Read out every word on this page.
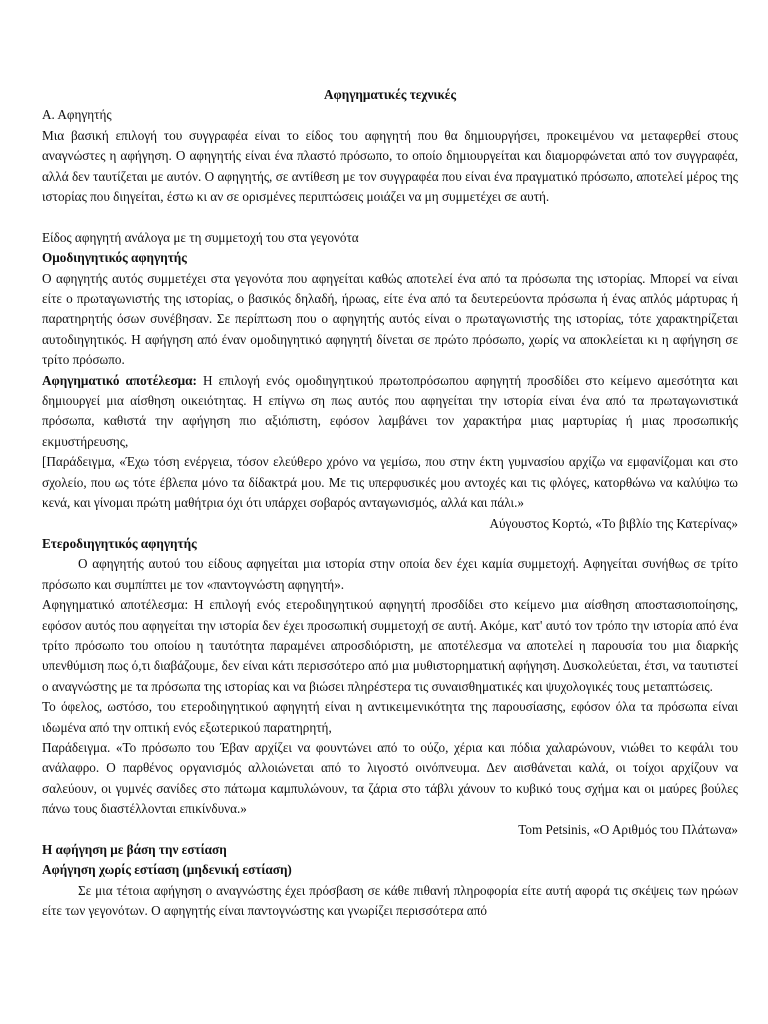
Αφηγηματικές τεχνικές

Α. Αφηγητής

Μια βασική επιλογή του συγγραφέα είναι το είδος του αφηγητή που θα δημιουργήσει, προκειμένου να μεταφερθεί στους αναγνώστες η αφήγηση. Ο αφηγητής είναι ένα πλαστό πρόσωπο, το οποίο δημιουργείται και διαμορφώνεται από τον συγγραφέα, αλλά δεν ταυτίζεται με αυτόν. Ο αφηγητής, σε αντίθεση με τον συγγραφέα που είναι ένα πραγματικό πρόσωπο, αποτελεί μέρος της ιστορίας που διηγείται, έστω κι αν σε ορισμένες περιπτώσεις μοιάζει να μη συμμετέχει σε αυτή.

Είδος αφηγητή ανάλογα με τη συμμετοχή του στα γεγονότα

Ομοδιηγητικός αφηγητής

Ο αφηγητής αυτός συμμετέχει στα γεγονότα που αφηγείται καθώς αποτελεί ένα από τα πρόσωπα της ιστορίας. Μπορεί να είναι είτε ο πρωταγωνιστής της ιστορίας, ο βασικός δηλαδή, ήρωας, είτε ένα από τα δευτερεύοντα πρόσωπα ή ένας απλός μάρτυρας ή παρατηρητής όσων συνέβησαν. Σε περίπτωση που ο αφηγητής αυτός είναι ο πρωταγωνιστής της ιστορίας, τότε χαρακτηρίζεται αυτοδιηγητικός. Η αφήγηση από έναν ομοδιηγητικό αφηγητή δίνεται σε πρώτο πρόσωπο, χωρίς να αποκλείεται κι η αφήγηση σε τρίτο πρόσωπο.

Αφηγηματικό αποτέλεσμα: Η επιλογή ενός ομοδιηγητικού πρωτοπρόσωπου αφηγητή προσδίδει στο κείμενο αμεσότητα και δημιουργεί μια αίσθηση οικειότητας. Η επίγνω ση πως αυτός που αφηγείται την ιστορία είναι ένα από τα πρωταγωνιστικά πρόσωπα, καθιστά την αφήγηση πιο αξιόπιστη, εφόσον λαμβάνει τον χαρακτήρα μιας μαρτυρίας ή μιας προσωπικής εκμυστήρευσης,

[Παράδειγμα, «Έχω τόση ενέργεια, τόσον ελεύθερο χρόνο να γεμίσω, που στην έκτη γυμνασίου αρχίζω να εμφανίζομαι και στο σχολείο, που ως τότε έβλεπα μόνο τα δίδακτρά μου. Με τις υπερφυσικές μου αντοχές και τις φλόγες, κατορθώνω να καλύψω τω κενά, και γίνομαι πρώτη μαθήτρια όχι ότι υπάρχει σοβαρός ανταγωνισμός, αλλά και πάλι.»

Αύγουστος Κορτώ, «Το βιβλίο της Κατερίνας»

Ετεροδιηγητικός αφηγητής

Ο αφηγητής αυτού του είδους αφηγείται μια ιστορία στην οποία δεν έχει καμία συμμετοχή. Αφηγείται συνήθως σε τρίτο πρόσωπο και συμπίπτει με τον «παντογνώστη αφηγητή».

Αφηγηματικό αποτέλεσμα: Η επιλογή ενός ετεροδιηγητικού αφηγητή προσδίδει στο κείμενο μια αίσθηση αποστασιοποίησης, εφόσον αυτός που αφηγείται την ιστορία δεν έχει προσωπική συμμετοχή σε αυτή. Ακόμε, κατ' αυτό τον τρόπο την ιστορία από ένα τρίτο πρόσωπο του οποίου η ταυτότητα παραμένει απροσδιόριστη, με αποτέλεσμα να αποτελεί η παρουσία του μια διαρκής υπενθύμιση πως ό,τι διαβάζουμε, δεν είναι κάτι περισσότερο από μια μυθιστορηματική αφήγηση. Δυσκολεύεται, έτσι, να ταυτιστεί ο αναγνώστης με τα πρόσωπα της ιστορίας και να βιώσει πληρέστερα τις συναισθηματικές και ψυχολογικές τους μεταπτώσεις.

Το όφελος, ωστόσο, του ετεροδιηγητικού αφηγητή είναι η αντικειμενικότητα της παρουσίασης, εφόσον όλα τα πρόσωπα είναι ιδωμένα από την οπτική ενός εξωτερικού παρατηρητή,

Παράδειγμα. «Το πρόσωπο του Έβαν αρχίζει να φουντώνει από το ούζο, χέρια και πόδια χαλαρώνουν, νιώθει το κεφάλι του ανάλαφρο. Ο παρθένος οργανισμός αλλοιώνεται από το λιγοστό οινόπνευμα. Δεν αισθάνεται καλά, οι τοίχοι αρχίζουν να σαλεύουν, οι γυμνές σανίδες στο πάτωμα καμπυλώνουν, τα ζάρια στο τάβλι χάνουν το κυβικό τους σχήμα και οι μαύρες βούλες πάνω τους διαστέλλονται επικίνδυνα.»

Tom Petsinis, «Ο Αριθμός του Πλάτωνα»

Η αφήγηση με βάση την εστίαση

Αφήγηση χωρίς εστίαση (μηδενική εστίαση)

Σε μια τέτοια αφήγηση ο αναγνώστης έχει πρόσβαση σε κάθε πιθανή πληροφορία είτε αυτή αφορά τις σκέψεις των ηρώων είτε των γεγονότων. Ο αφηγητής είναι παντογνώστης και γνωρίζει περισσότερα από
